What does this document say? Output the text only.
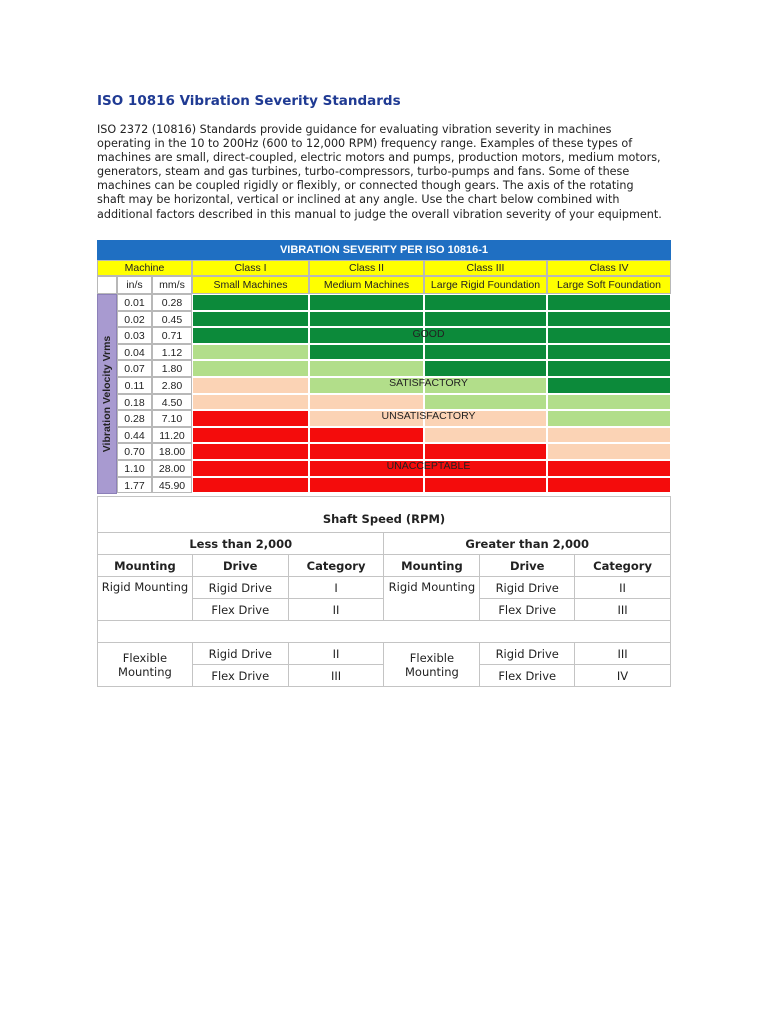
ISO 10816 Vibration Severity Standards
ISO 2372 (10816) Standards provide guidance for evaluating vibration severity in machines
operating in the 10 to 200Hz (600 to 12,000 RPM) frequency range. Examples of these types of
machines are small, direct-coupled, electric motors and pumps, production motors, medium motors,
generators, steam and gas turbines, turbo-compressors, turbo-pumps and fans. Some of these
machines can be coupled rigidly or flexibly, or connected though gears. The axis of the rotating
shaft may be horizontal, vertical or inclined at any angle. Use the chart below combined with
additional factors described in this manual to judge the overall vibration severity of your equipment.
VIBRATION SEVERITY PER ISO 10816-1
Machine	Class I	Class II	Class III	Class IV
in/s	mm/s	Small Machines	Medium Machines	Large Rigid Foundation	Large Soft Foundation
Vibration Velocity Vrms
0.01	0.28
0.02	0.45
0.03	0.71
0.04	1.12
0.07	1.80
0.11	2.80
0.18	4.50
0.28	7.10
0.44	11.20
0.70	18.00
1.10	28.00
1.77	45.90
GOOD
SATISFACTORY
UNSATISFACTORY
UNACCEPTABLE
Shaft Speed (RPM)					
Less than 2,000			Greater than 2,000		
Mounting	Drive	Category	Mounting	Drive	Category
Rigid Mounting	Rigid Drive	I	Rigid Mounting	Rigid Drive	II
	Flex Drive	II		Flex Drive	III

Flexible Mounting	Rigid Drive	II	Flexible Mounting	Rigid Drive	III
	Flex Drive	III		Flex Drive	IV
